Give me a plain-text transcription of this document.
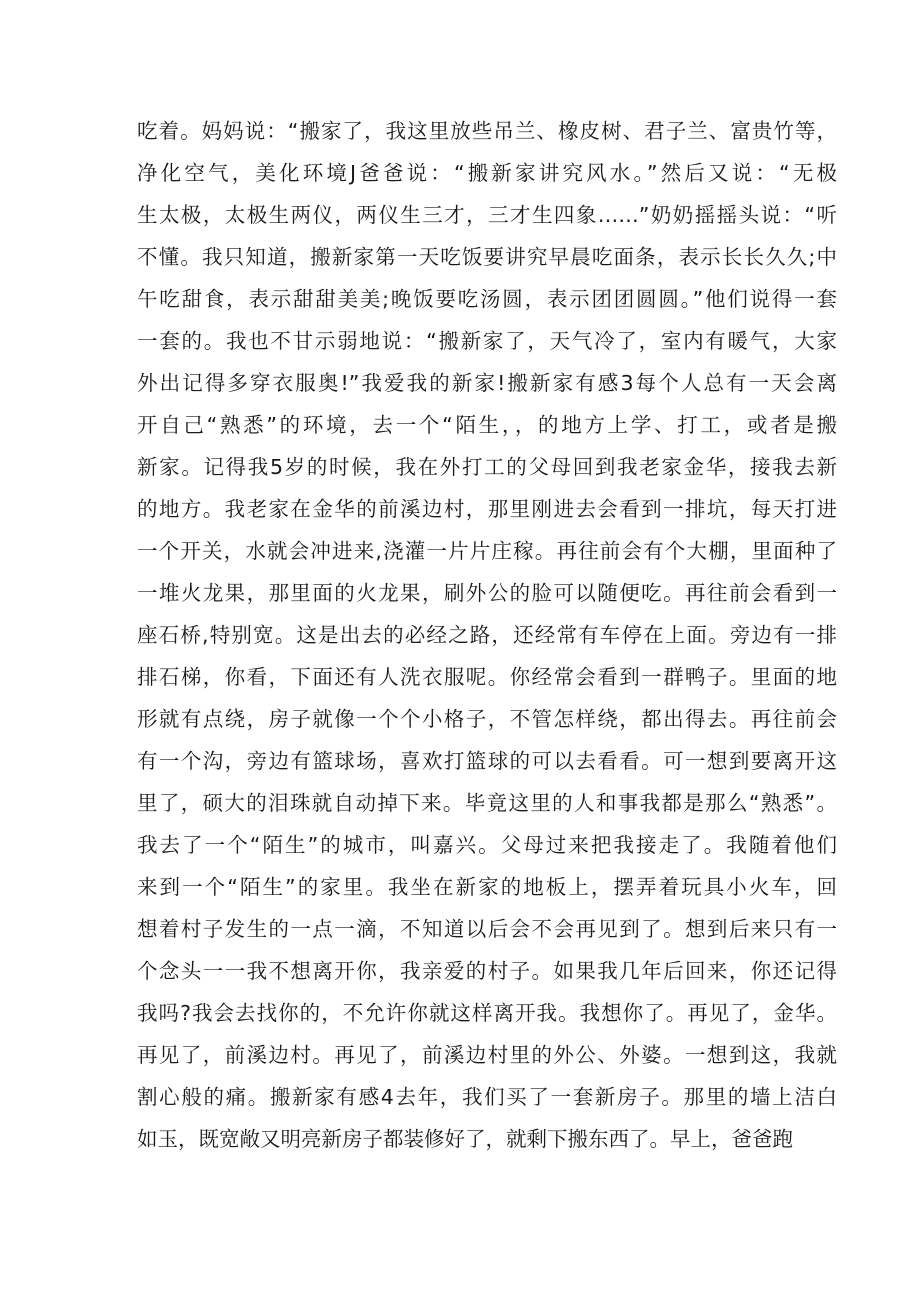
吃着。妈妈说：“搬家了，我这里放些吊兰、橡皮树、君子兰、富贵竹等，
净化空气，美化环境J爸爸说：“搬新家讲究风水。”然后又说：“无极
生太极，太极生两仪，两仪生三才，三才生四象……”奶奶摇摇头说：“听
不懂。我只知道，搬新家第一天吃饭要讲究早晨吃面条，表示长长久久;中
午吃甜食，表示甜甜美美;晚饭要吃汤圆，表示团团圆圆。”他们说得一套
一套的。我也不甘示弱地说：“搬新家了，天气冷了，室内有暖气，大家
外出记得多穿衣服奥!”我爱我的新家!搬新家有感3每个人总有一天会离
开自己“熟悉”的环境，去一个“陌生，，的地方上学、打工，或者是搬
新家。记得我5岁的时候，我在外打工的父母回到我老家金华，接我去新
的地方。我老家在金华的前溪边村，那里刚进去会看到一排坑，每天打进
一个开关，水就会冲进来,浇灌一片片庄稼。再往前会有个大棚，里面种了
一堆火龙果，那里面的火龙果，刷外公的脸可以随便吃。再往前会看到一
座石桥,特别宽。这是出去的必经之路，还经常有车停在上面。旁边有一排
排石梯，你看，下面还有人洗衣服呢。你经常会看到一群鸭子。里面的地
形就有点绕，房子就像一个个小格子，不管怎样绕，都出得去。再往前会
有一个沟，旁边有篮球场，喜欢打篮球的可以去看看。可一想到要离开这
里了，硕大的泪珠就自动掉下来。毕竟这里的人和事我都是那么“熟悉”。
我去了一个“陌生”的城市，叫嘉兴。父母过来把我接走了。我随着他们
来到一个“陌生”的家里。我坐在新家的地板上，摆弄着玩具小火车，回
想着村子发生的一点一滴，不知道以后会不会再见到了。想到后来只有一
个念头一一我不想离开你，我亲爱的村子。如果我几年后回来，你还记得
我吗?我会去找你的，不允许你就这样离开我。我想你了。再见了，金华。
再见了，前溪边村。再见了，前溪边村里的外公、外婆。一想到这，我就
割心般的痛。搬新家有感4去年，我们买了一套新房子。那里的墙上洁白
如玉，既宽敞又明亮新房子都装修好了，就剩下搬东西了。早上，爸爸跑
